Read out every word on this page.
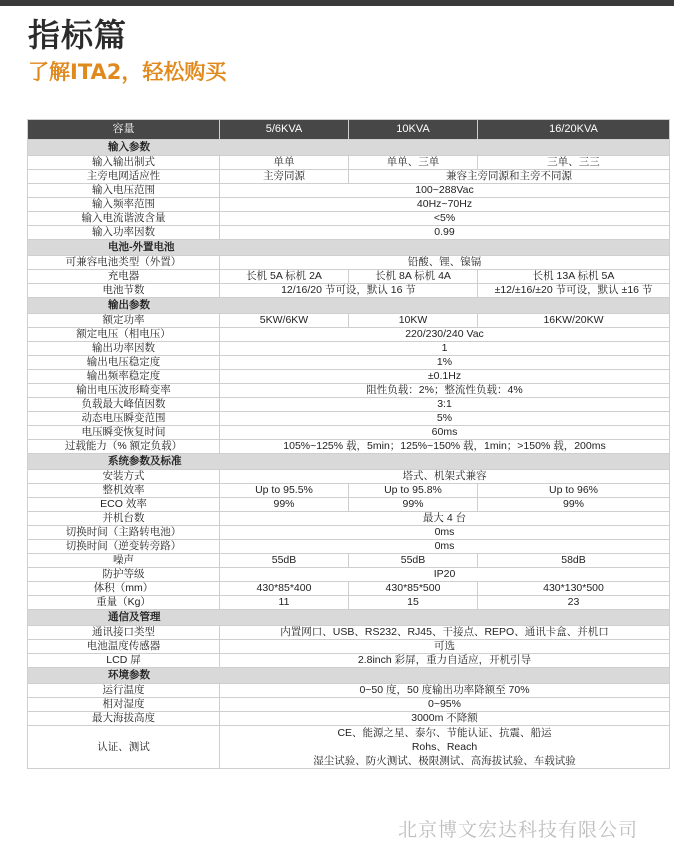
指标篇
了解ITA2，轻松购买
容量	5/6KVA	10KVA	16/20KVA
输入参数			
输入输出制式	单单	单单、三单	三单、三三
主旁电网适应性	主旁同源	兼容主旁同源和主旁不同源	
输入电压范围	100~288Vac		
输入频率范围	40Hz~70Hz		
输入电流谐波含量	<5%		
输入功率因数	0.99		
电池-外置电池			
可兼容电池类型（外置）	铅酸、锂、镍镉		
充电器	长机 5A 标机 2A	长机 8A 标机 4A	长机 13A 标机 5A
电池节数	12/16/20 节可设，默认 16 节		±12/±16/±20 节可设，默认 ±16 节
输出参数			
额定功率	5KW/6KW	10KW	16KW/20KW
额定电压（相电压）	220/230/240 Vac		
输出功率因数	1		
输出电压稳定度	1%		
输出频率稳定度	±0.1Hz		
输出电压波形畸变率	阻性负载：2%；整流性负载：4%		
负载最大峰值因数	3:1		
动态电压瞬变范围	5%		
电压瞬变恢复时间	60ms		
过载能力（% 额定负载）	105%~125% 载，5min；125%~150% 载，1min；>150% 载，200ms		
系统参数及标准			
安装方式	塔式、机架式兼容		
整机效率	Up to 95.5%	Up to 95.8%	Up to 96%
ECO 效率	99%	99%	99%
并机台数	最大 4 台		
切换时间（主路转电池）	0ms		
切换时间（逆变转旁路）	0ms		
噪声	55dB	55dB	58dB
防护等级	IP20		
体积（mm）	430*85*400	430*85*500	430*130*500
重量（Kg）	11	15	23
通信及管理			
通讯接口类型	内置网口、USB、RS232、RJ45、干接点、REPO、通讯卡盒、并机口		
电池温度传感器	可选		
LCD 屏	2.8inch 彩屏，重力自适应，开机引导		
环境参数			
运行温度	0~50 度，50 度输出功率降额至 70%		
相对湿度	0~95%		
最大海拔高度	3000m 不降额		
认证、测试	CE、能源之星、泰尔、节能认证、抗震、船运
Rohs、Reach
湿尘试验、防火测试、极限测试、高海拔试验、车载试验		
北京博文宏达科技有限公司
